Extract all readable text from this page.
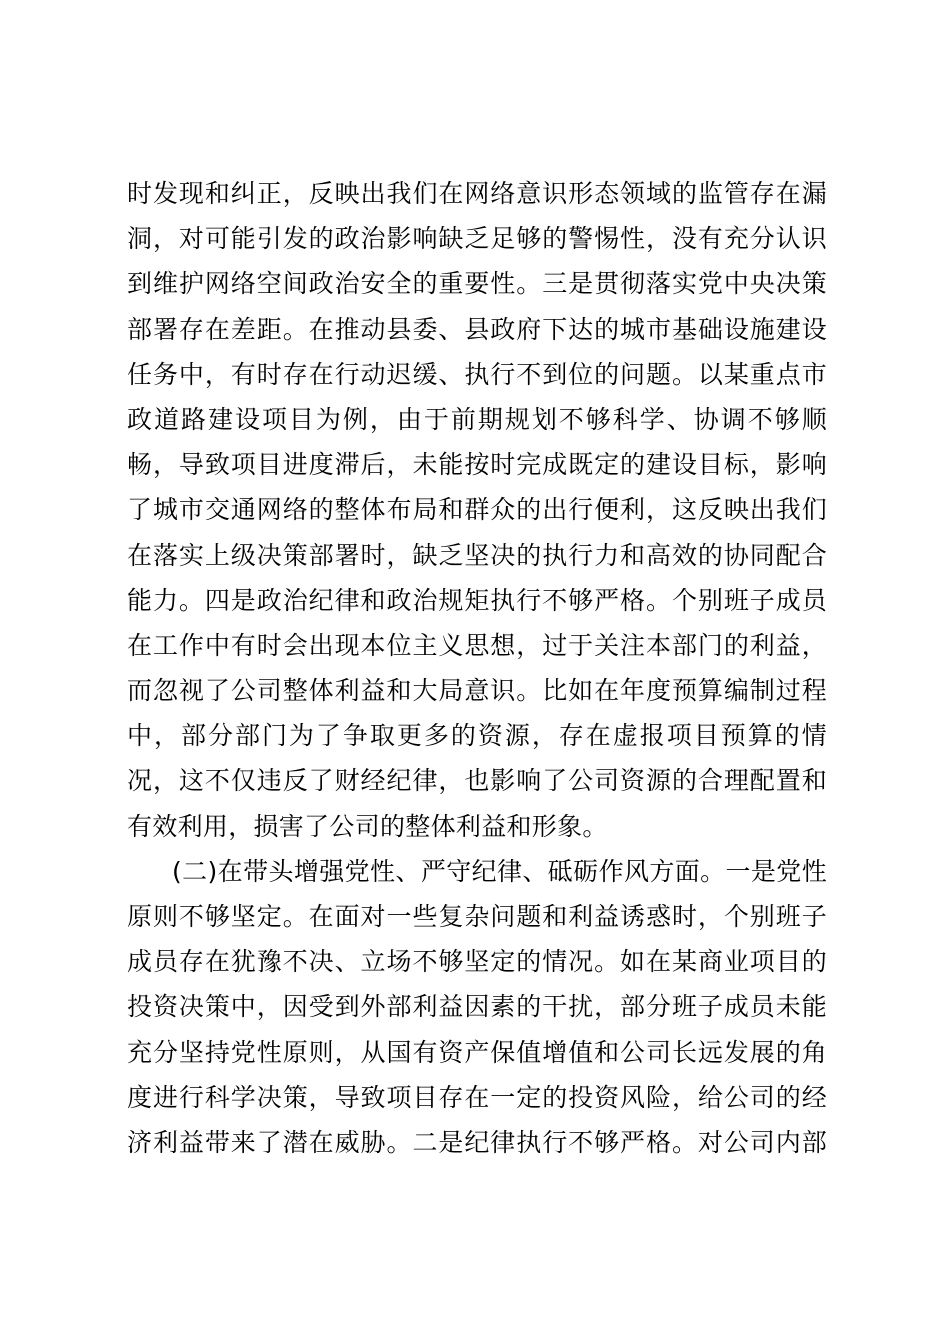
时发现和纠正，反映出我们在网络意识形态领域的监管存在漏
洞，对可能引发的政治影响缺乏足够的警惕性，没有充分认识
到维护网络空间政治安全的重要性。三是贯彻落实党中央决策
部署存在差距。在推动县委、县政府下达的城市基础设施建设
任务中，有时存在行动迟缓、执行不到位的问题。以某重点市
政道路建设项目为例，由于前期规划不够科学、协调不够顺
畅，导致项目进度滞后，未能按时完成既定的建设目标，影响
了城市交通网络的整体布局和群众的出行便利，这反映出我们
在落实上级决策部署时，缺乏坚决的执行力和高效的协同配合
能力。四是政治纪律和政治规矩执行不够严格。个别班子成员
在工作中有时会出现本位主义思想，过于关注本部门的利益，
而忽视了公司整体利益和大局意识。比如在年度预算编制过程
中，部分部门为了争取更多的资源，存在虚报项目预算的情
况，这不仅违反了财经纪律，也影响了公司资源的合理配置和
有效利用，损害了公司的整体利益和形象。
(二)在带头增强党性、严守纪律、砥砺作风方面。一是党性
原则不够坚定。在面对一些复杂问题和利益诱惑时，个别班子
成员存在犹豫不决、立场不够坚定的情况。如在某商业项目的
投资决策中，因受到外部利益因素的干扰，部分班子成员未能
充分坚持党性原则，从国有资产保值增值和公司长远发展的角
度进行科学决策，导致项目存在一定的投资风险，给公司的经
济利益带来了潜在威胁。二是纪律执行不够严格。对公司内部
